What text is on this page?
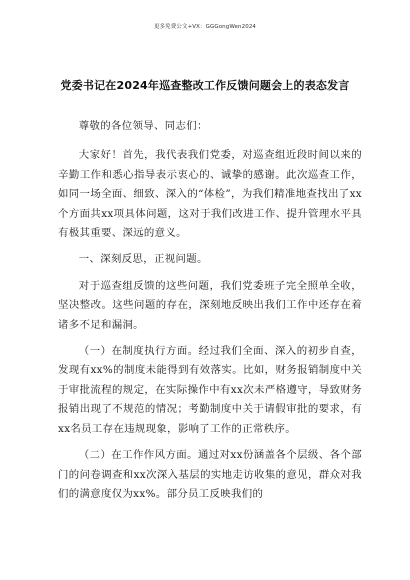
更多免费公文+VX：GGGongWen2024
党委书记在2024年巡查整改工作反馈问题会上的表态发言

尊敬的各位领导、同志们：

大家好！首先，我代表我们党委，对巡查组近段时间以来的辛勤工作和悉心指导表示衷心的、诚挚的感谢。此次巡查工作，如同一场全面、细致、深入的“体检”，为我们精准地查找出了xx个方面共xx项具体问题，这对于我们改进工作、提升管理水平具有极其重要、深远的意义。

一、深刻反思，正视问题。

对于巡查组反馈的这些问题，我们党委班子完全照单全收，坚决整改。这些问题的存在，深刻地反映出我们工作中还存在着诸多不足和漏洞。

（一）在制度执行方面。经过我们全面、深入的初步自查，发现有xx%的制度未能得到有效落实。比如，财务报销制度中关于审批流程的规定，在实际操作中有xx次未严格遵守，导致财务报销出现了不规范的情况；考勤制度中关于请假审批的要求，有xx名员工存在违规现象，影响了工作的正常秩序。

（二）在工作作风方面。通过对xx份涵盖各个层级、各个部门的问卷调查和xx次深入基层的实地走访收集的意见，群众对我们的满意度仅为xx%。部分员工反映我们的
